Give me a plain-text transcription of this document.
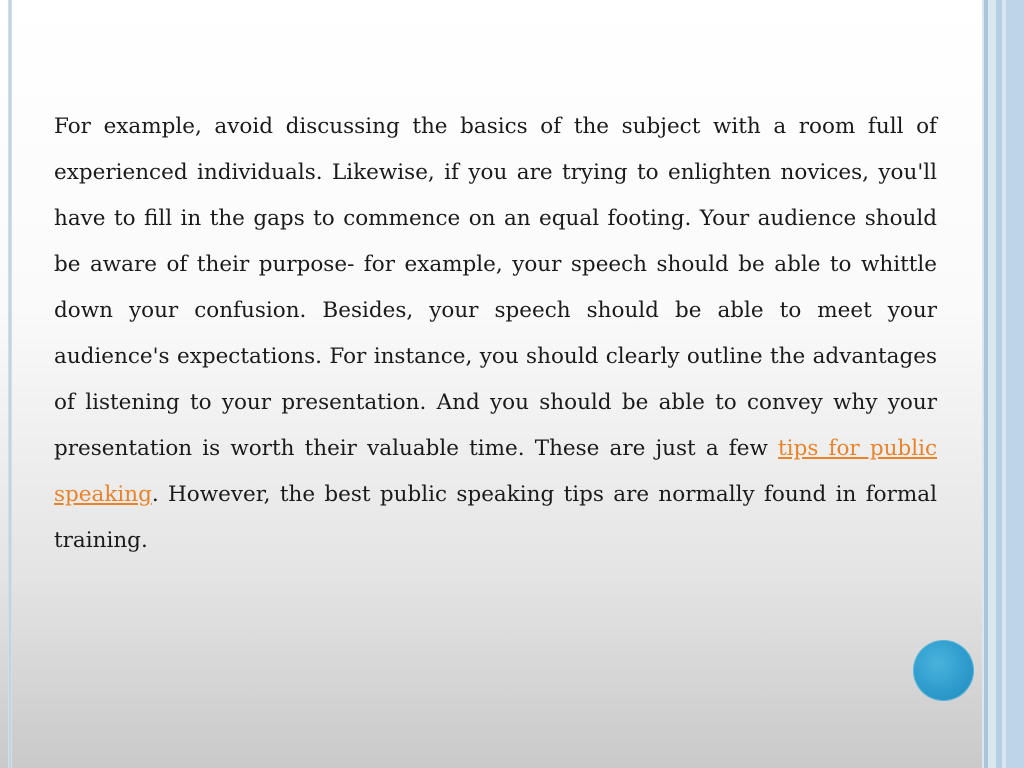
For example, avoid discussing the basics of the subject with a room full of experienced individuals. Likewise, if you are trying to enlighten novices, you'll have to fill in the gaps to commence on an equal footing. Your audience should be aware of their purpose- for example, your speech should be able to whittle down your confusion. Besides, your speech should be able to meet your audience's expectations. For instance, you should clearly outline the advantages of listening to your presentation. And you should be able to convey why your presentation is worth their valuable time. These are just a few tips for public speaking. However, the best public speaking tips are normally found in formal training.
